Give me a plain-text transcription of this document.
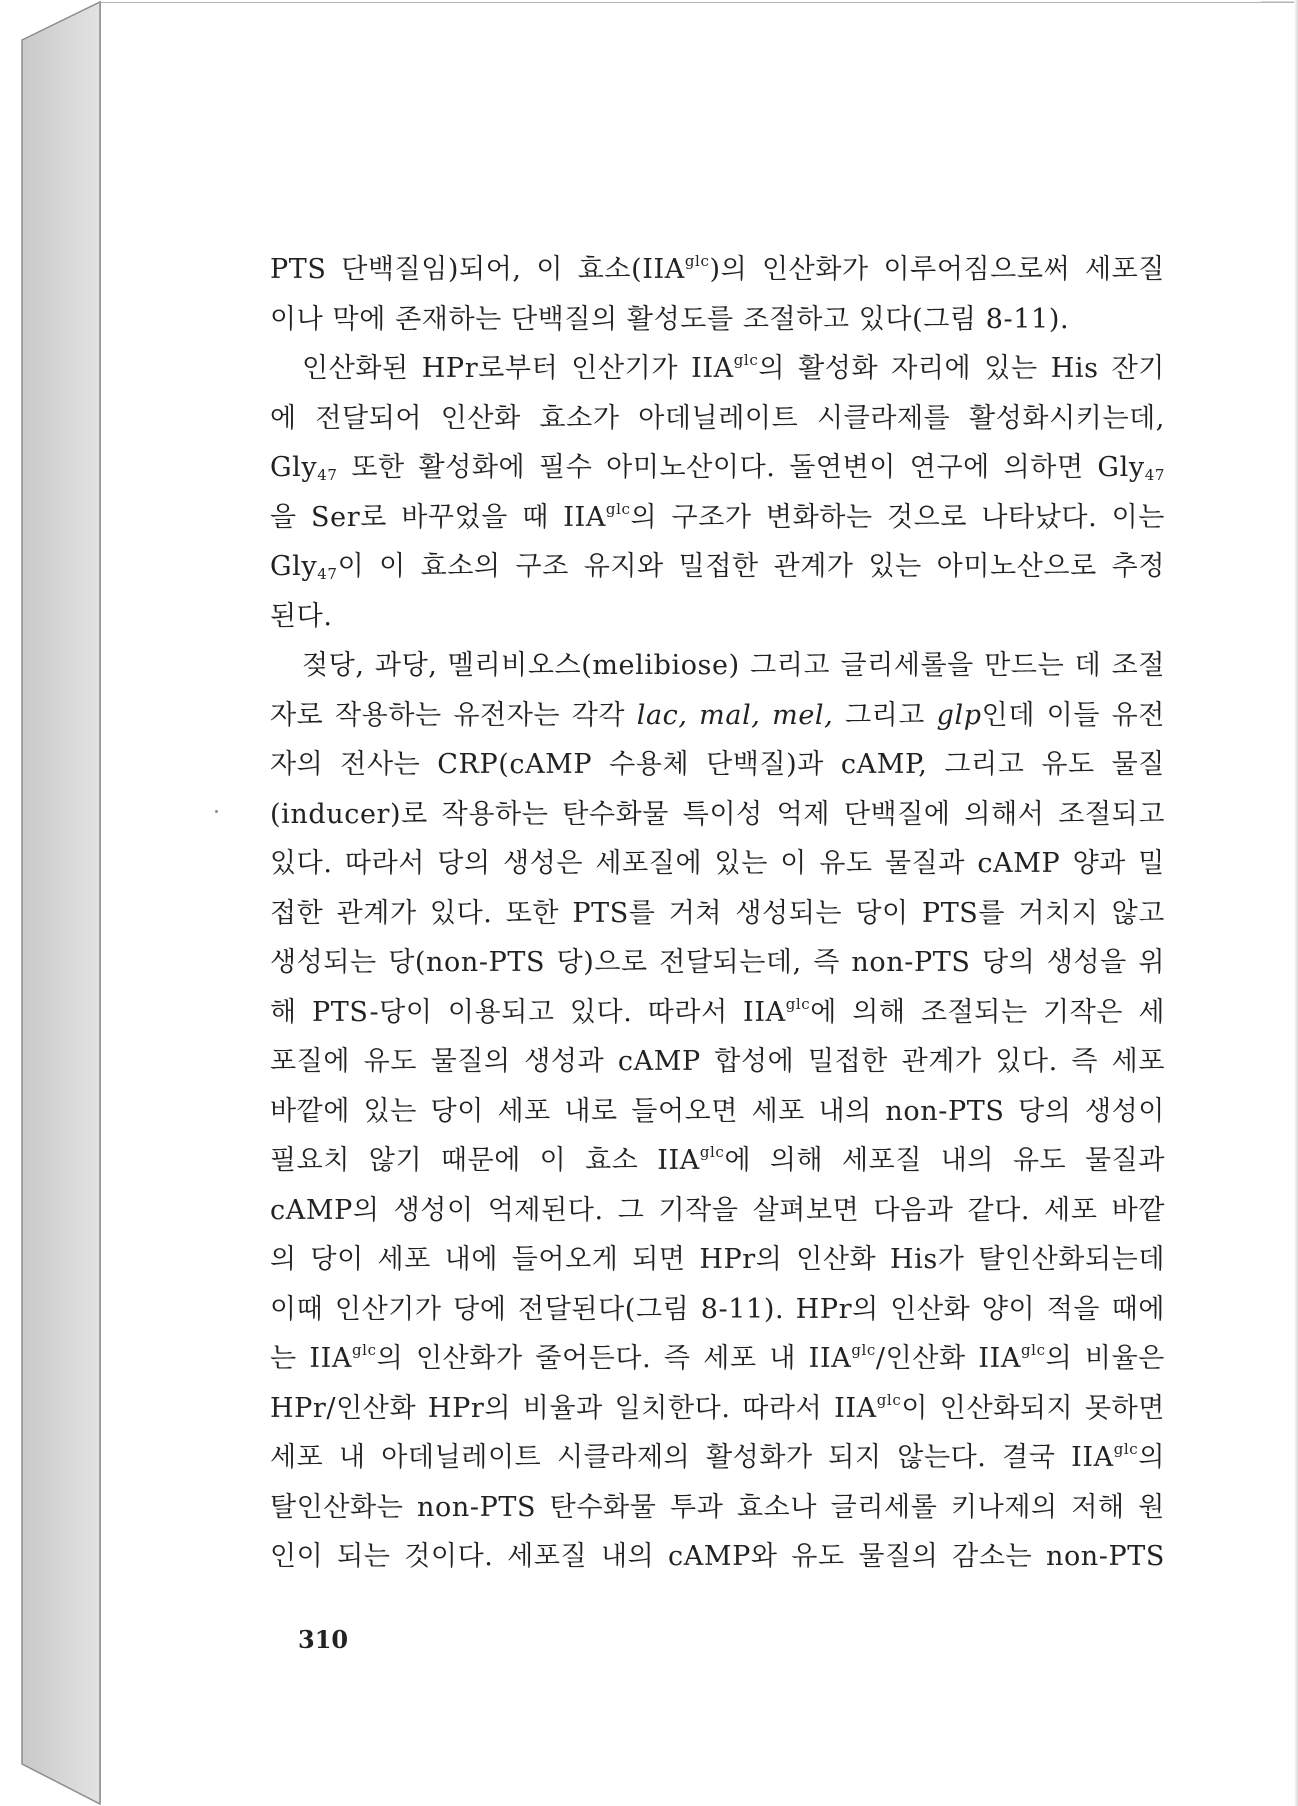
PTS 단백질임)되어, 이 효소$(IIA^{glc})$의 인산화가 이루어짐으로써 세포질
이나 막에 존재하는 단백질의 활성도를 조절하고 있다(그림 8-11).
인산화된 HPr로부터 인산기가 $IIA^{glc}$의 활성화 자리에 있는 His 잔기
에 전달되어 인산화 효소가 아데닐레이트 시클라제를 활성화시키는데,
Gly$_{47}$ 또한 활성화에 필수 아미노산이다. 돌연변이 연구에 의하면 Gly$_{47}$
을 Ser로 바꾸었을 때 $IIA^{glc}$의 구조가 변화하는 것으로 나타났다. 이는
Gly$_{47}$이 이 효소의 구조 유지와 밀접한 관계가 있는 아미노산으로 추정
된다.
젖당, 과당, 멜리비오스(melibiose) 그리고 글리세롤을 만드는 데 조절
자로 작용하는 유전자는 각각 lac, mal, mel, 그리고 glp인데 이들 유전
자의 전사는 CRP(cAMP 수용체 단백질)과 cAMP, 그리고 유도 물질
(inducer)로 작용하는 탄수화물 특이성 억제 단백질에 의해서 조절되고
있다. 따라서 당의 생성은 세포질에 있는 이 유도 물질과 cAMP 양과 밀
접한 관계가 있다. 또한 PTS를 거쳐 생성되는 당이 PTS를 거치지 않고
생성되는 당(non-PTS 당)으로 전달되는데, 즉 non-PTS 당의 생성을 위
해 PTS-당이 이용되고 있다. 따라서 $IIA^{glc}$에 의해 조절되는 기작은 세
포질에 유도 물질의 생성과 cAMP 합성에 밀접한 관계가 있다. 즉 세포
바깥에 있는 당이 세포 내로 들어오면 세포 내의 non-PTS 당의 생성이
필요치 않기 때문에 이 효소 $IIA^{glc}$에 의해 세포질 내의 유도 물질과
cAMP의 생성이 억제된다. 그 기작을 살펴보면 다음과 같다. 세포 바깥
의 당이 세포 내에 들어오게 되면 HPr의 인산화 His가 탈인산화되는데
이때 인산기가 당에 전달된다(그림 8-11). HPr의 인산화 양이 적을 때에
는 $IIA^{glc}$의 인산화가 줄어든다. 즉 세포 내 $IIA^{glc}/$인산화 $IIA^{glc}$의 비율은
HPr/인산화 HPr의 비율과 일치한다. 따라서 $IIA^{glc}$이 인산화되지 못하면
세포 내 아데닐레이트 시클라제의 활성화가 되지 않는다. 결국 $IIA^{glc}$의
탈인산화는 non-PTS 탄수화물 투과 효소나 글리세롤 키나제의 저해 원
인이 되는 것이다. 세포질 내의 cAMP와 유도 물질의 감소는 non-PTS
310
